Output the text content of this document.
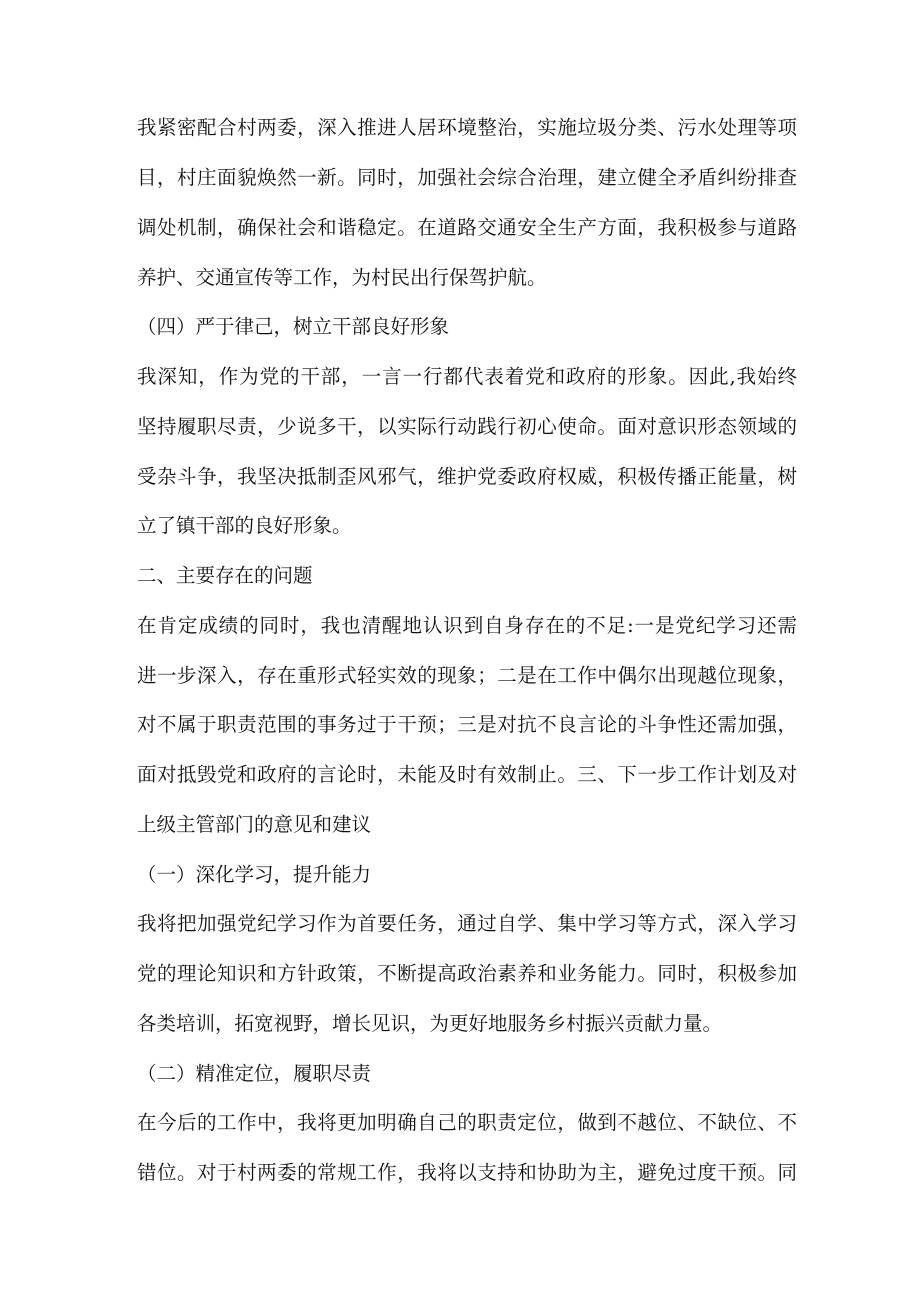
我紧密配合村两委，深入推进人居环境整治，实施垃圾分类、污水处理等项
目，村庄面貌焕然一新。同时，加强社会综合治理，建立健全矛盾纠纷排查
调处机制，确保社会和谐稳定。在道路交通安全生产方面，我积极参与道路
养护、交通宣传等工作，为村民出行保驾护航。
（四）严于律己，树立干部良好形象
我深知，作为党的干部，一言一行都代表着党和政府的形象。因此,我始终
坚持履职尽责，少说多干，以实际行动践行初心使命。面对意识形态领域的
受杂斗争，我坚决抵制歪风邪气，维护党委政府权威，积极传播正能量，树
立了镇干部的良好形象。
二、主要存在的问题
在肯定成绩的同时，我也清醒地认识到自身存在的不足:一是党纪学习还需
进一步深入，存在重形式轻实效的现象；二是在工作中偶尔出现越位现象，
对不属于职责范围的事务过于干预；三是对抗不良言论的斗争性还需加强，
面对抵毁党和政府的言论时，未能及时有效制止。三、下一步工作计划及对
上级主管部门的意见和建议
（一）深化学习，提升能力
我将把加强党纪学习作为首要任务，通过自学、集中学习等方式，深入学习
党的理论知识和方针政策，不断提高政治素养和业务能力。同时，积极参加
各类培训，拓宽视野，增长见识，为更好地服务乡村振兴贡献力量。
（二）精准定位，履职尽责
在今后的工作中，我将更加明确自己的职责定位，做到不越位、不缺位、不
错位。对于村两委的常规工作，我将以支持和协助为主，避免过度干预。同
